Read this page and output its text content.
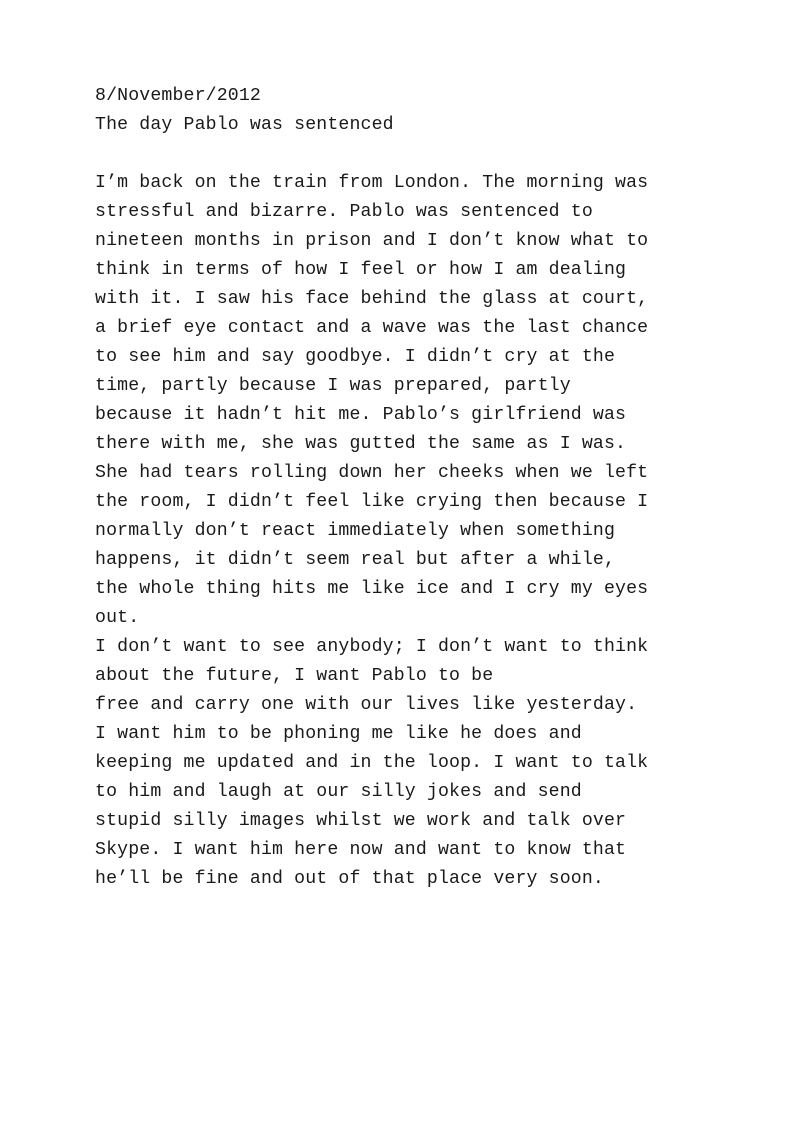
8/November/2012
The day Pablo was sentenced
I’m back on the train from London. The morning was
stressful and bizarre. Pablo was sentenced to
nineteen months in prison and I don’t know what to
think in terms of how I feel or how I am dealing
with it. I saw his face behind the glass at court,
a brief eye contact and a wave was the last chance
to see him and say goodbye. I didn’t cry at the
time, partly because I was prepared, partly
because it hadn’t hit me. Pablo’s girlfriend was
there with me, she was gutted the same as I was.
She had tears rolling down her cheeks when we left
the room, I didn’t feel like crying then because I
normally don’t react immediately when something
happens, it didn’t seem real but after a while,
the whole thing hits me like ice and I cry my eyes
out.
I don’t want to see anybody; I don’t want to think
about the future, I want Pablo to be
free and carry one with our lives like yesterday.
I want him to be phoning me like he does and
keeping me updated and in the loop. I want to talk
to him and laugh at our silly jokes and send
stupid silly images whilst we work and talk over
Skype. I want him here now and want to know that
he’ll be fine and out of that place very soon.
